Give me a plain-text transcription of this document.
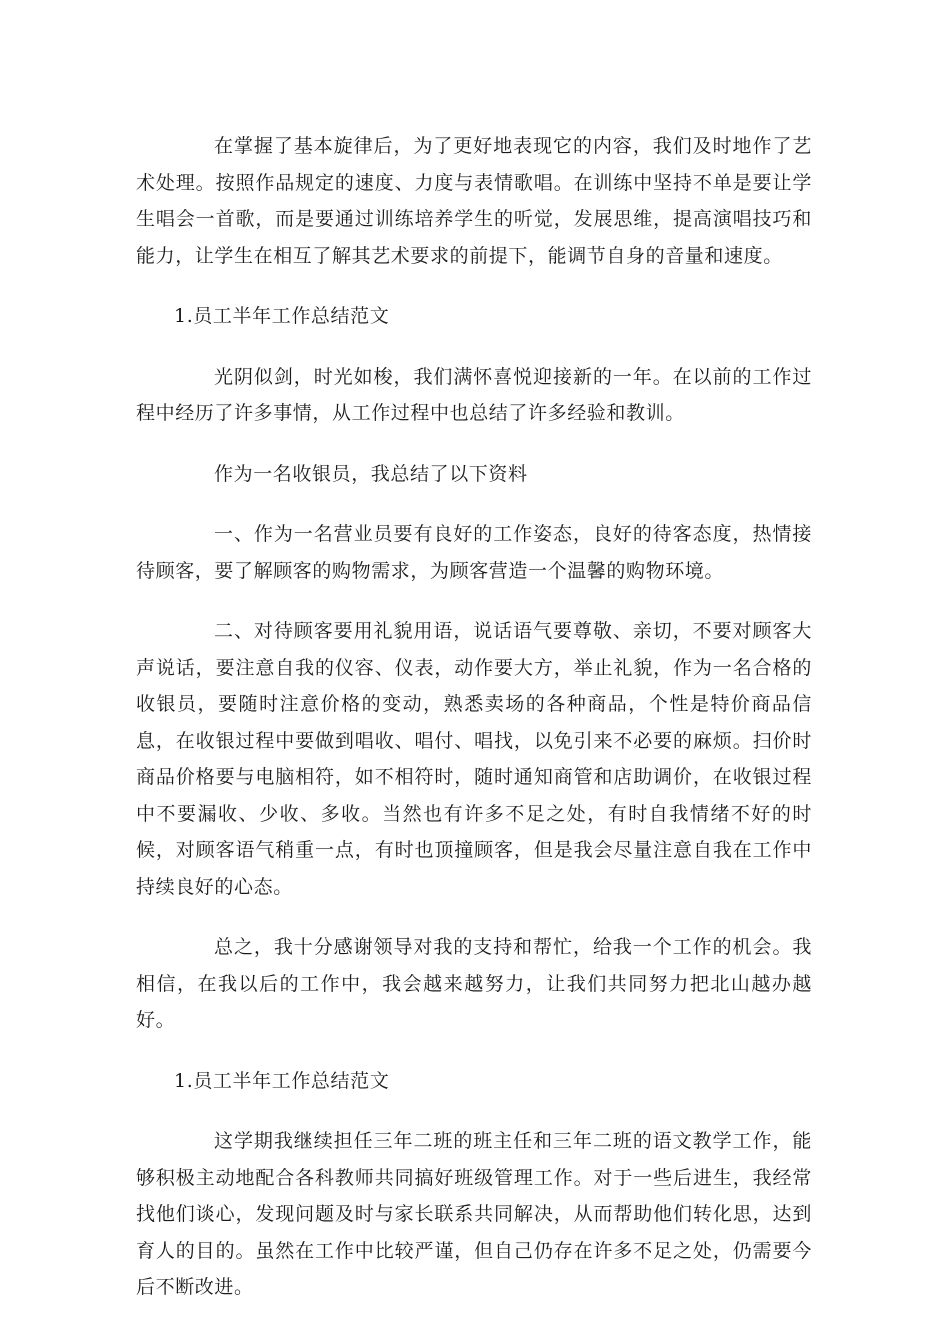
在掌握了基本旋律后，为了更好地表现它的内容，我们及时地作了艺术处理。按照作品规定的速度、力度与表情歌唱。在训练中坚持不单是要让学生唱会一首歌，而是要通过训练培养学生的听觉，发展思维，提高演唱技巧和能力，让学生在相互了解其艺术要求的前提下，能调节自身的音量和速度。

1.员工半年工作总结范文

光阴似剑，时光如梭，我们满怀喜悦迎接新的一年。在以前的工作过程中经历了许多事情，从工作过程中也总结了许多经验和教训。

作为一名收银员，我总结了以下资料

一、作为一名营业员要有良好的工作姿态，良好的待客态度，热情接待顾客，要了解顾客的购物需求，为顾客营造一个温馨的购物环境。

二、对待顾客要用礼貌用语，说话语气要尊敬、亲切，不要对顾客大声说话，要注意自我的仪容、仪表，动作要大方，举止礼貌，作为一名合格的收银员，要随时注意价格的变动，熟悉卖场的各种商品，个性是特价商品信息，在收银过程中要做到唱收、唱付、唱找，以免引来不必要的麻烦。扫价时商品价格要与电脑相符，如不相符时，随时通知商管和店助调价，在收银过程中不要漏收、少收、多收。当然也有许多不足之处，有时自我情绪不好的时候，对顾客语气稍重一点，有时也顶撞顾客，但是我会尽量注意自我在工作中持续良好的心态。

总之，我十分感谢领导对我的支持和帮忙，给我一个工作的机会。我相信，在我以后的工作中，我会越来越努力，让我们共同努力把北山越办越好。

1.员工半年工作总结范文

这学期我继续担任三年二班的班主任和三年二班的语文教学工作，能够积极主动地配合各科教师共同搞好班级管理工作。对于一些后进生，我经常找他们谈心，发现问题及时与家长联系共同解决，从而帮助他们转化思，达到育人的目的。虽然在工作中比较严谨，但自己仍存在许多不足之处，仍需要今后不断改进。
